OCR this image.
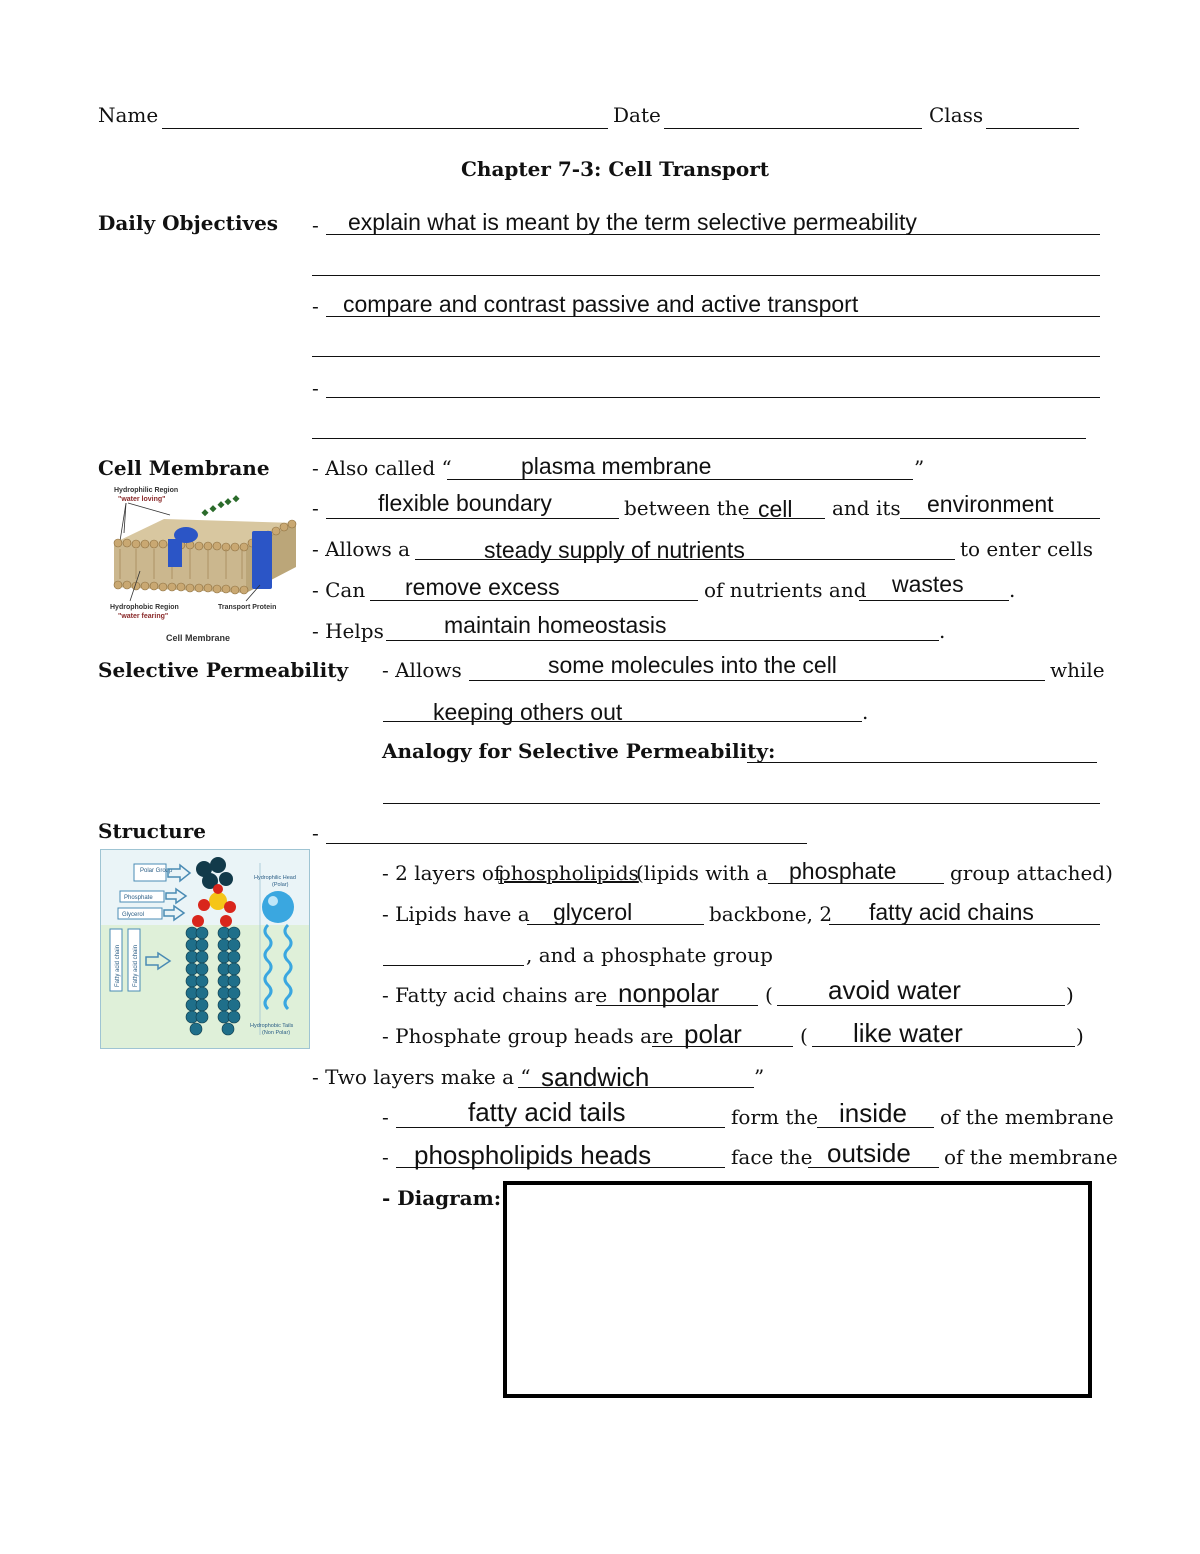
Name	Date	Class
Chapter 7-3: Cell Transport
Daily Objectives - explain what is meant by the term selective permeability
- compare and contrast passive and active transport
-
Cell Membrane - Also called “	plasma membrane	”
-	flexible boundary	between the cell and its environment
- Allows a	steady supply of nutrients	to enter cells
- Can remove excess	of nutrients and wastes .
- Helps	maintain homeostasis	.
Hydrophilic Region
"water loving"
Hydrophobic Region
"water fearing"
Transport Protein
Cell Membrane
Selective Permeability - Allows	some molecules into the cell	while
keeping others out	.
Analogy for Selective Permeability:
Structure	-
- 2 layers of
phospholipids
(lipids with a phosphate	group attached)
- Lipids have a glycerol	backbone, 2 fatty acid chains
, and a phosphate group
- Fatty acid chains are nonpolar ( avoid water	)
- Phosphate group heads are polar	( like water	)
- Two layers make a “ sandwich	”
-	fatty acid tails	form the inside of the membrane
- phospholipids heads	face the outside of the membrane
- Diagram:
Polar Group
Phosphate
Glycerol
Fatty acid chain Fatty acid chain
Hydrophilic Head
(Polar)
Hydrophobic Tails
(Non Polar)
